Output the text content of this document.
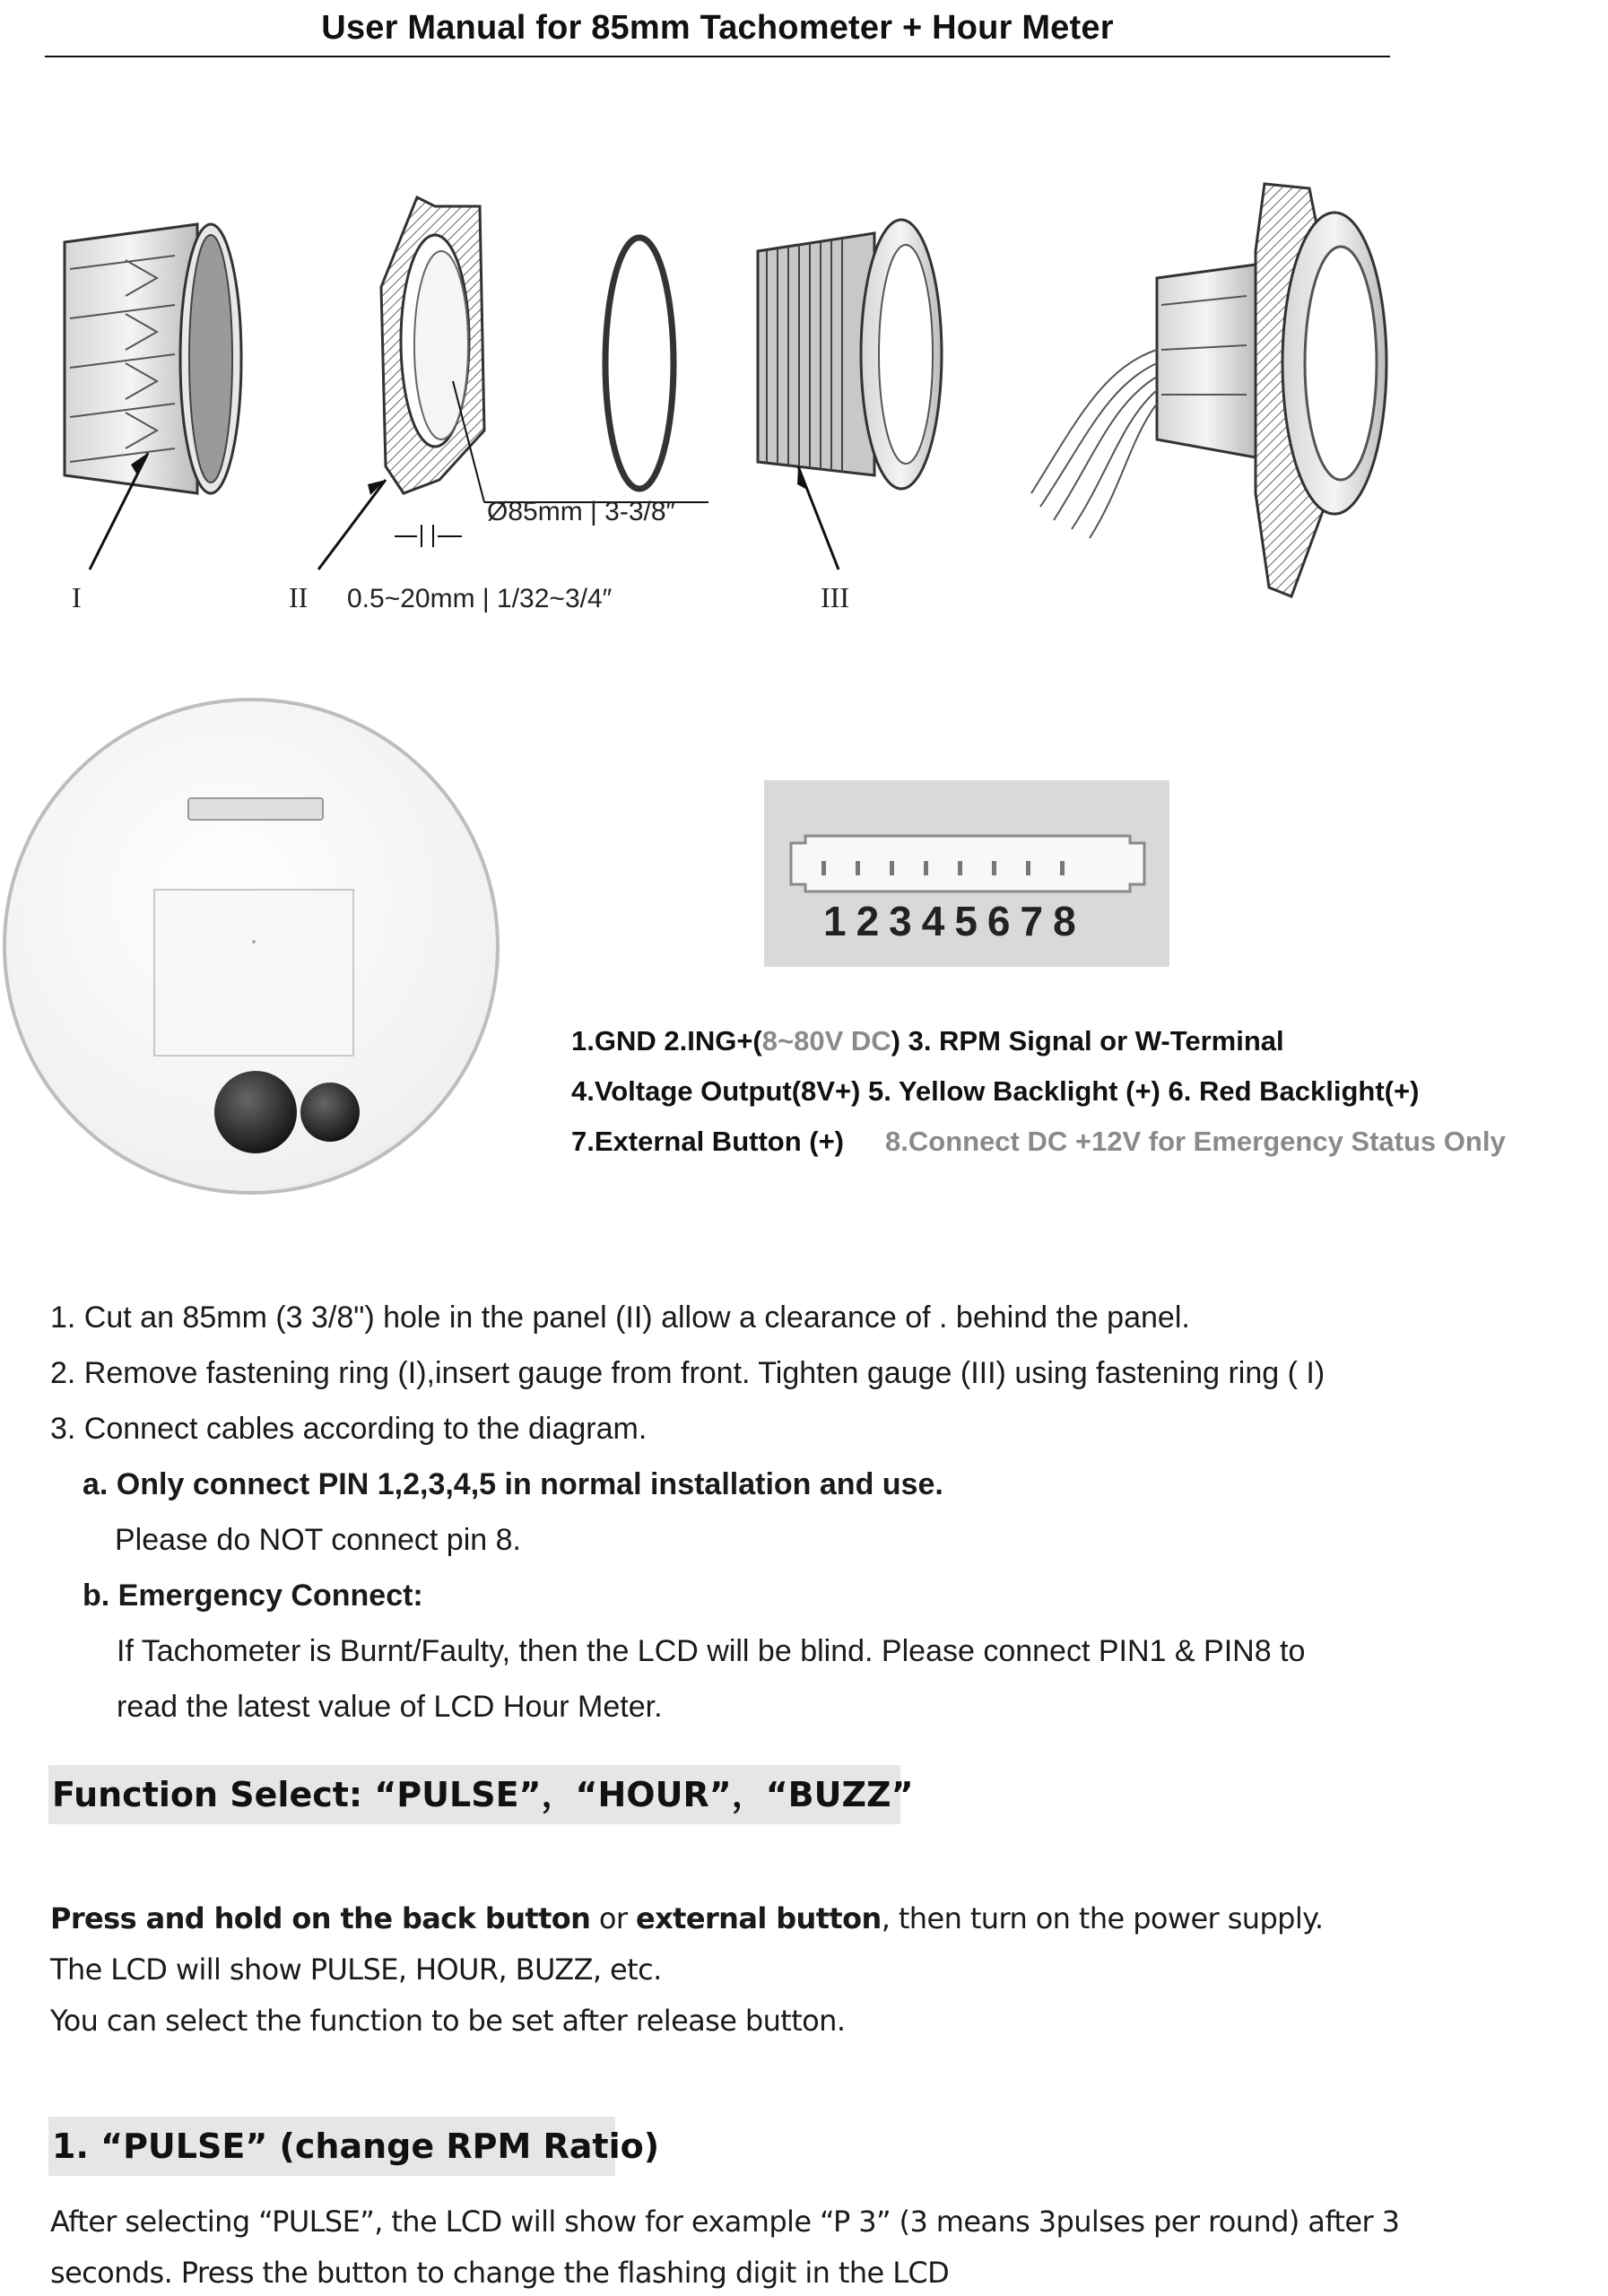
User Manual for 85mm Tachometer + Hour Meter
I	II
Ø85mm | 3-3/8″
0.5~20mm | 1/32~3/4″	III
12345678
1.GND 2.ING+(8~80V DC) 3. RPM Signal or W-Terminal
4.Voltage Output(8V+) 5. Yellow Backlight (+) 6. Red Backlight(+)
7.External Button (+) 8.Connect DC +12V for Emergency Status Only
1. Cut an 85mm (3 3/8") hole in the panel (II) allow a clearance of . behind the panel.
2. Remove fastening ring (I),insert gauge from front. Tighten gauge (III) using fastening ring ( I)
3. Connect cables according to the diagram.
a. Only connect PIN 1,2,3,4,5 in normal installation and use.
Please do NOT connect pin 8.
b. Emergency Connect:
If Tachometer is Burnt/Faulty, then the LCD will be blind. Please connect PIN1 & PIN8 to
read the latest value of LCD Hour Meter.
Function Select: “PULSE”，“HOUR”，“BUZZ”
Press and hold on the back button or external button, then turn on the power supply.
The LCD will show PULSE, HOUR, BUZZ, etc.
You can select the function to be set after release button.
1. “PULSE” (change RPM Ratio)
After selecting “PULSE”, the LCD will show for example “P 3” (3 means 3pulses per round) after 3
seconds. Press the button to change the flashing digit in the LCD
